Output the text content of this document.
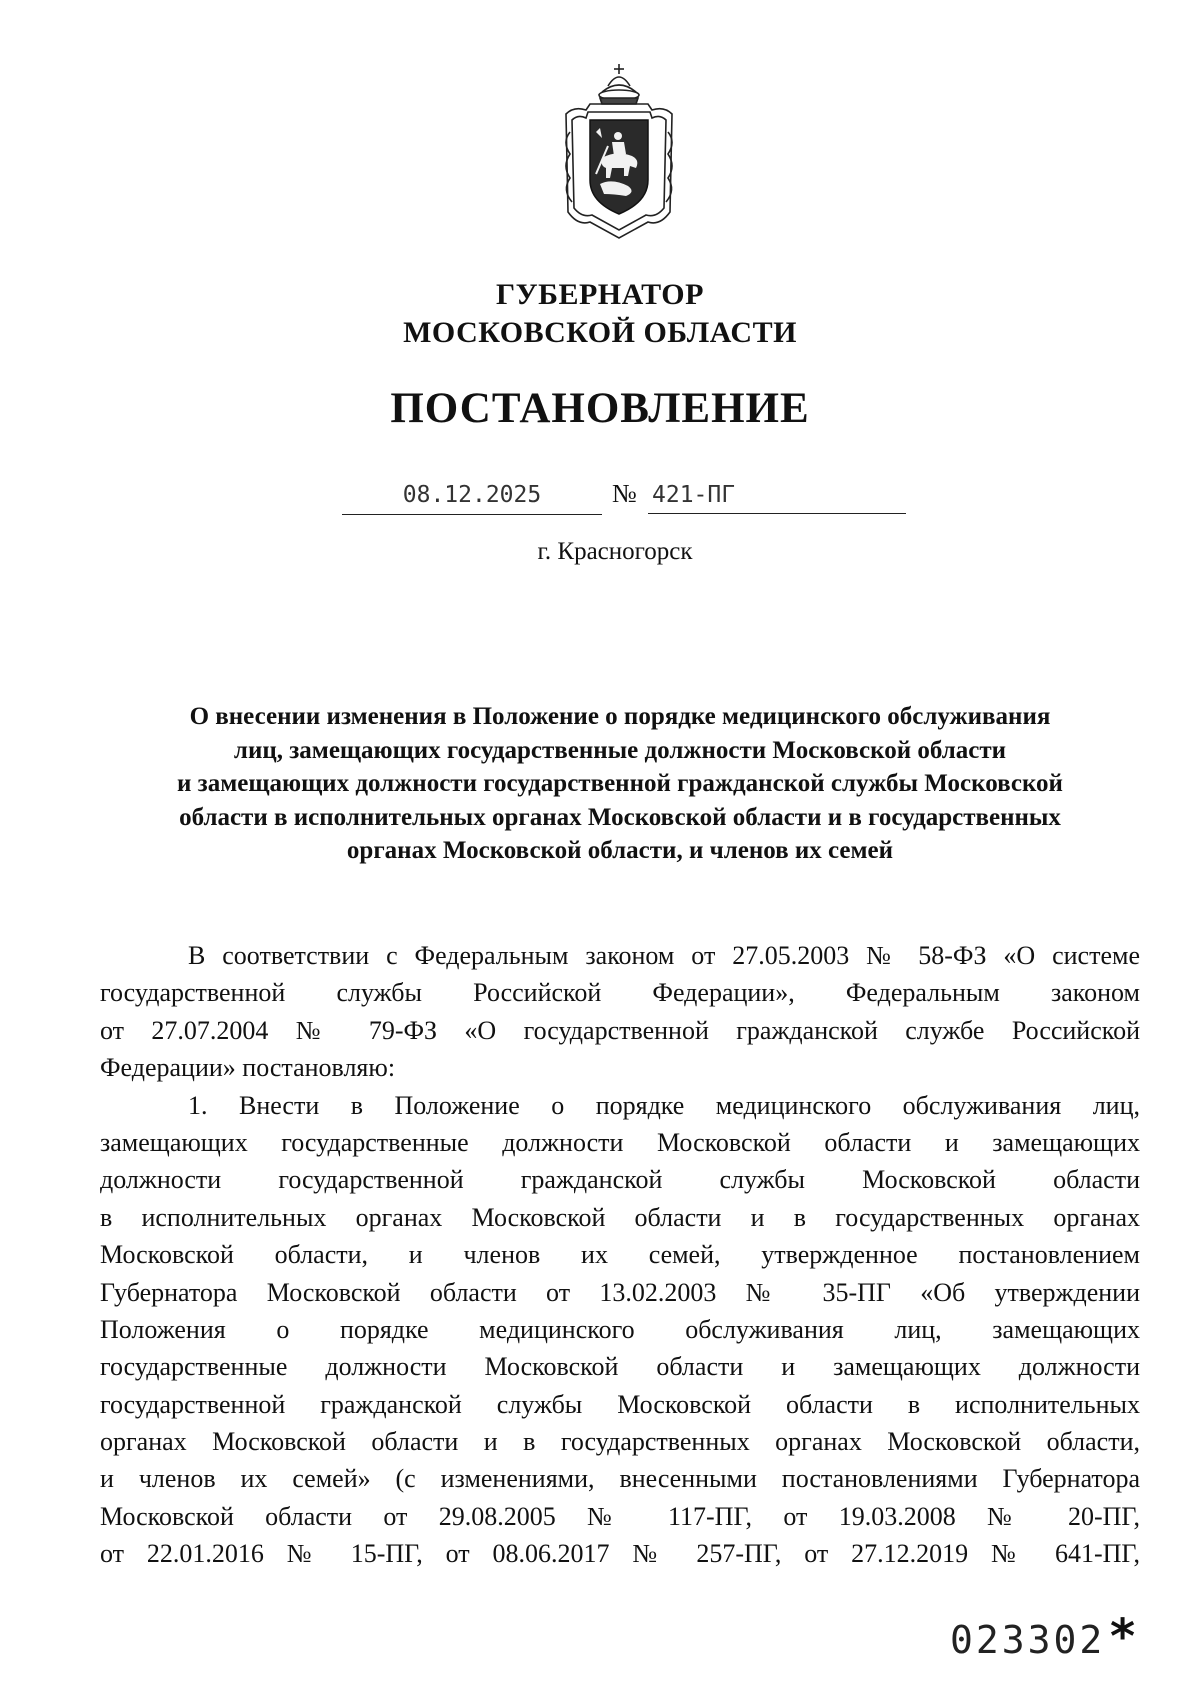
ГУБЕРНАТОР
МОСКОВСКОЙ ОБЛАСТИ
ПОСТАНОВЛЕНИЕ
08.12.2025	№ 421-ПГ
г. Красногорск
О внесении изменения в Положение о порядке медицинского обслуживания
лиц, замещающих государственные должности Московской области
и замещающих должности государственной гражданской службы Московской
области в исполнительных органах Московской области и в государственных
органах Московской области, и членов их семей
В соответствии с Федеральным законом от 27.05.2003 № 58-ФЗ «О системе
государственной службы Российской Федерации», Федеральным законом
от 27.07.2004 № 79-ФЗ «О государственной гражданской службе Российской
Федерации» постановляю:
1. Внести в Положение о порядке медицинского обслуживания лиц,
замещающих государственные должности Московской области и замещающих
должности государственной гражданской службы Московской области
в исполнительных органах Московской области и в государственных органах
Московской области, и членов их семей, утвержденное постановлением
Губернатора Московской области от 13.02.2003 № 35-ПГ «Об утверждении
Положения о порядке медицинского обслуживания лиц, замещающих
государственные должности Московской области и замещающих должности
государственной гражданской службы Московской области в исполнительных
органах Московской области и в государственных органах Московской области,
и членов их семей» (с изменениями, внесенными постановлениями Губернатора
Московской области от 29.08.2005 № 117-ПГ, от 19.03.2008 № 20-ПГ,
от 22.01.2016 № 15-ПГ, от 08.06.2017 № 257-ПГ, от 27.12.2019 № 641-ПГ,
023302 *
